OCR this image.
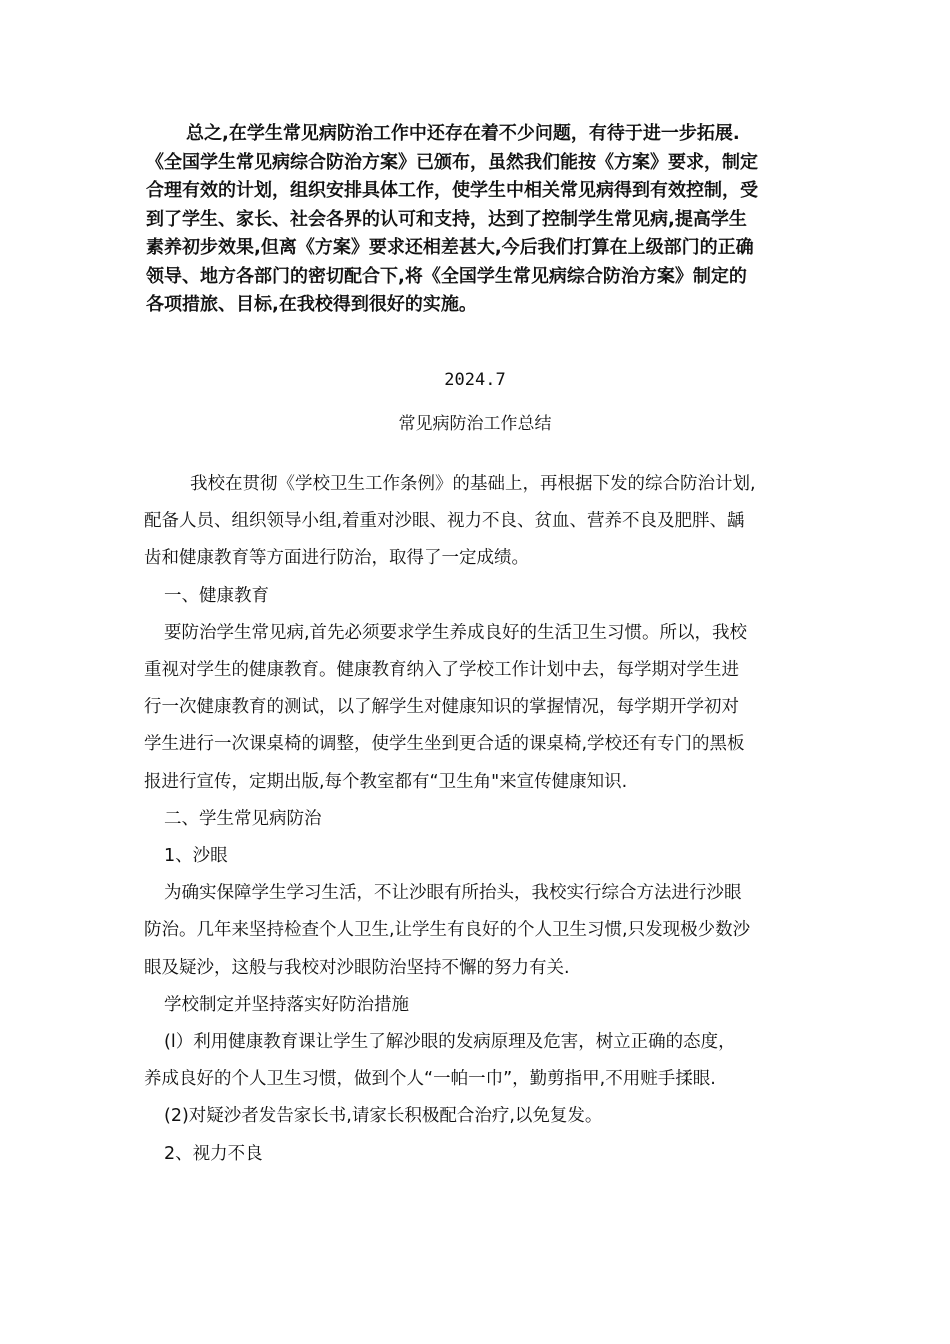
总之,在学生常见病防治工作中还存在着不少问题，有待于进一步拓展.

《全国学生常见病综合防治方案》已颁布，虽然我们能按《方案》要求，制定

合理有效的计划，组织安排具体工作，使学生中相关常见病得到有效控制，受

到了学生、家长、社会各界的认可和支持，达到了控制学生常见病,提高学生

素养初步效果,但离《方案》要求还相差甚大,今后我们打算在上级部门的正确

领导、地方各部门的密切配合下,将《全国学生常见病综合防治方案》制定的

各项措旅、目标,在我校得到很好的实施。

2024.7
常见病防治工作总结

我校在贯彻《学校卫生工作条例》的基础上，再根据下发的综合防治计划,

配备人员、组织领导小组,着重对沙眼、视力不良、贫血、营养不良及肥胖、龋

齿和健康教育等方面进行防治，取得了一定成绩。

一、健康教育

要防治学生常见病,首先必须要求学生养成良好的生活卫生习惯。所以，我校

重视对学生的健康教育。健康教育纳入了学校工作计划中去，每学期对学生进

行一次健康教育的测试，以了解学生对健康知识的掌握情况，每学期开学初对

学生进行一次课桌椅的调整，使学生坐到更合适的课桌椅,学校还有专门的黑板

报进行宣传，定期出版,每个教室都有“卫生角"来宣传健康知识.

二、学生常见病防治

1、沙眼

为确实保障学生学习生活，不让沙眼有所抬头，我校实行综合方法进行沙眼

防治。几年来坚持检查个人卫生,让学生有良好的个人卫生习惯,只发现极少数沙

眼及疑沙，这般与我校对沙眼防治坚持不懈的努力有关.

学校制定并坚持落实好防治措施

(l）利用健康教育课让学生了解沙眼的发病原理及危害，树立正确的态度，

养成良好的个人卫生习惯，做到个人“一帕一巾”，勤剪指甲,不用赃手揉眼.

(2)对疑沙者发告家长书,请家长积极配合治疗,以免复发。

2、视力不良
